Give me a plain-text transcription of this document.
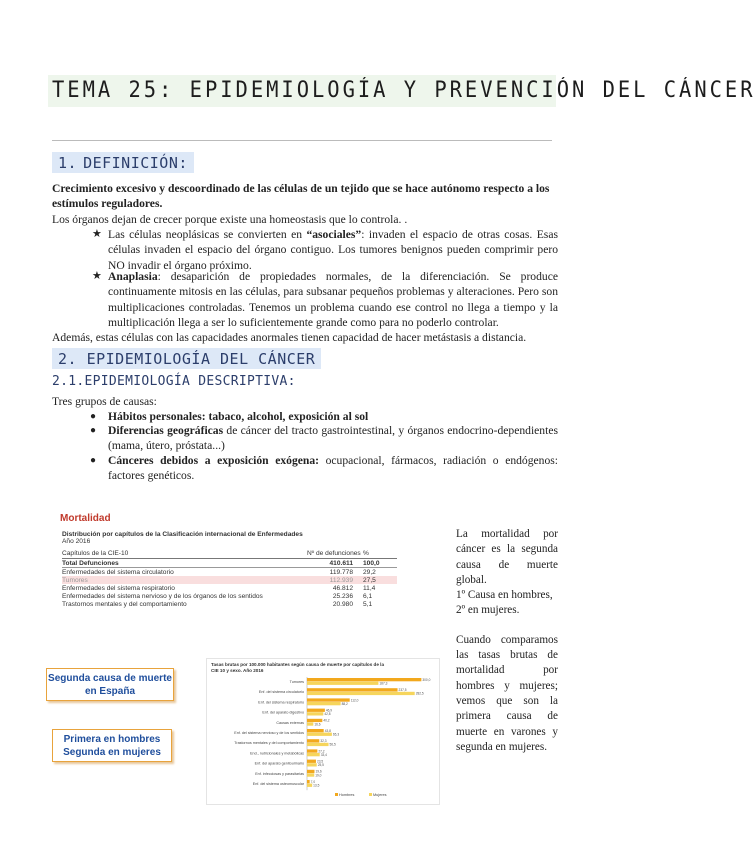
TEMA 25: EPIDEMIOLOGÍA Y PREVENCIÓN DEL CÁNCER
1. DEFINICIÓN:
Crecimiento excesivo y descoordinado de las células de un tejido que se hace autónomo respecto a los estímulos reguladores.
Los órganos dejan de crecer porque existe una homeostasis que lo controla. .
★ Las células neoplásicas se convierten en “asociales”: invaden el espacio de otras cosas. Esas células invaden el espacio del órgano contiguo. Los tumores benignos pueden comprimir pero NO invadir el órgano próximo.
★ Anaplasia: desaparición de propiedades normales, de la diferenciación. Se produce continuamente mitosis en las células, para subsanar pequeños problemas y alteraciones. Pero son multiplicaciones controladas. Tenemos un problema cuando ese control no llega a tiempo y la multiplicación llega a ser lo suficientemente grande como para no poderlo controlar.
Además, estas células con las capacidades anormales tienen capacidad de hacer metástasis a distancia.
2. EPIDEMIOLOGÍA DEL CÁNCER
2.1.EPIDEMIOLOGÍA DESCRIPTIVA:
Tres grupos de causas:
● Hábitos personales: tabaco, alcohol, exposición al sol
● Diferencias geográficas de cáncer del tracto gastrointestinal, y órganos endocrino-dependientes (mama, útero, próstata...)
● Cánceres debidos a exposición exógena: ocupacional, fármacos, radiación o endógenos: factores genéticos.
Mortalidad
Distribución por capítulos de la Clasificación internacional de Enfermedades
Año 2016
Capítulos de la CIE-10	Nº de defunciones	%
Total Defunciones	410.611	100,0
Enfermedades del sistema circulatorio	119.778	29,2
Tumores	112.939	27,5
Enfermedades del sistema respiratorio	46.812	11,4
Enfermedades del sistema nervioso y de los órganos de los sentidos	25.236	6,1
Trastornos mentales y del comportamiento	20.980	5,1
Segunda causa de muerte
en España
Primera en hombres
Segunda en mujeres
Tasas brutas por 100.000 habitantes según causa de muerte por capítulos de la
CIE 10 y sexo. Año 2016
Tumores
300,0
187,3
Enf. del sistema circulatorio
237,5
282,5
Enf. del sistema respiratorio
112,0
88,2
Enf. del aparato digestivo
46,9
42,8
Causas externas
40,2
16,6
Enf. del sistema nervioso y de los sentidos
43,8
65,3
Trastornos mentales y del comportamiento
32,3
56,5
End., nutricionales y metabólicas
27,2
33,4
Enf. del aparato genitourinario
23,5
25,5
Enf. infecciosas y parasitarias
19,6
19,0
Enf. del sistema osteomuscular
7,0
13,5
Hombres	Mujeres
La mortalidad por cáncer es la segunda causa de muerte global.
1º Causa en hombres, 2º en mujeres.
Cuando comparamos las tasas brutas de mortalidad por hombres y mujeres; vemos que son la primera causa de muerte en varones y segunda en mujeres.
